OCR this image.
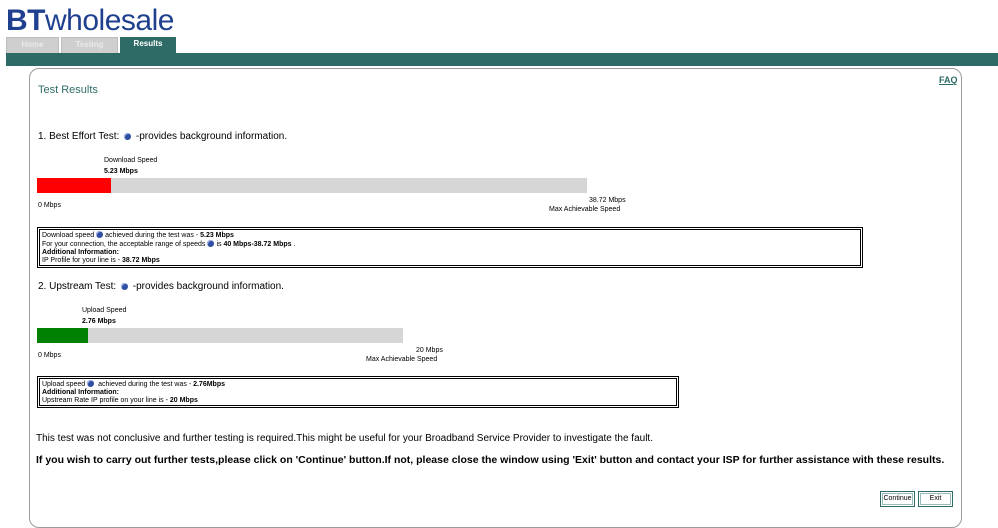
BTwholesale
Home	Testing	Results
FAQ
Test Results
1. Best Effort Test: -provides background information.
Download Speed
5.23 Mbps
0 Mbps
38.72 Mbps
Max Achievable Speed
Download speed achieved during the test was - 5.23 Mbps
For your connection, the acceptable range of speeds is 40 Mbps-38.72 Mbps .
Additional Information:
IP Profile for your line is - 38.72 Mbps
2. Upstream Test: -provides background information.
Upload Speed
2.76 Mbps
0 Mbps
20 Mbps
Max Achievable Speed
Upload speed achieved during the test was - 2.76Mbps
Additional Information:
Upstream Rate IP profile on your line is - 20 Mbps
This test was not conclusive and further testing is required.This might be useful for your Broadband Service Provider to investigate the fault.
If you wish to carry out further tests,please click on 'Continue' button.If not, please close the window using 'Exit' button and contact your ISP for further assistance with these results.
Continue	Exit
